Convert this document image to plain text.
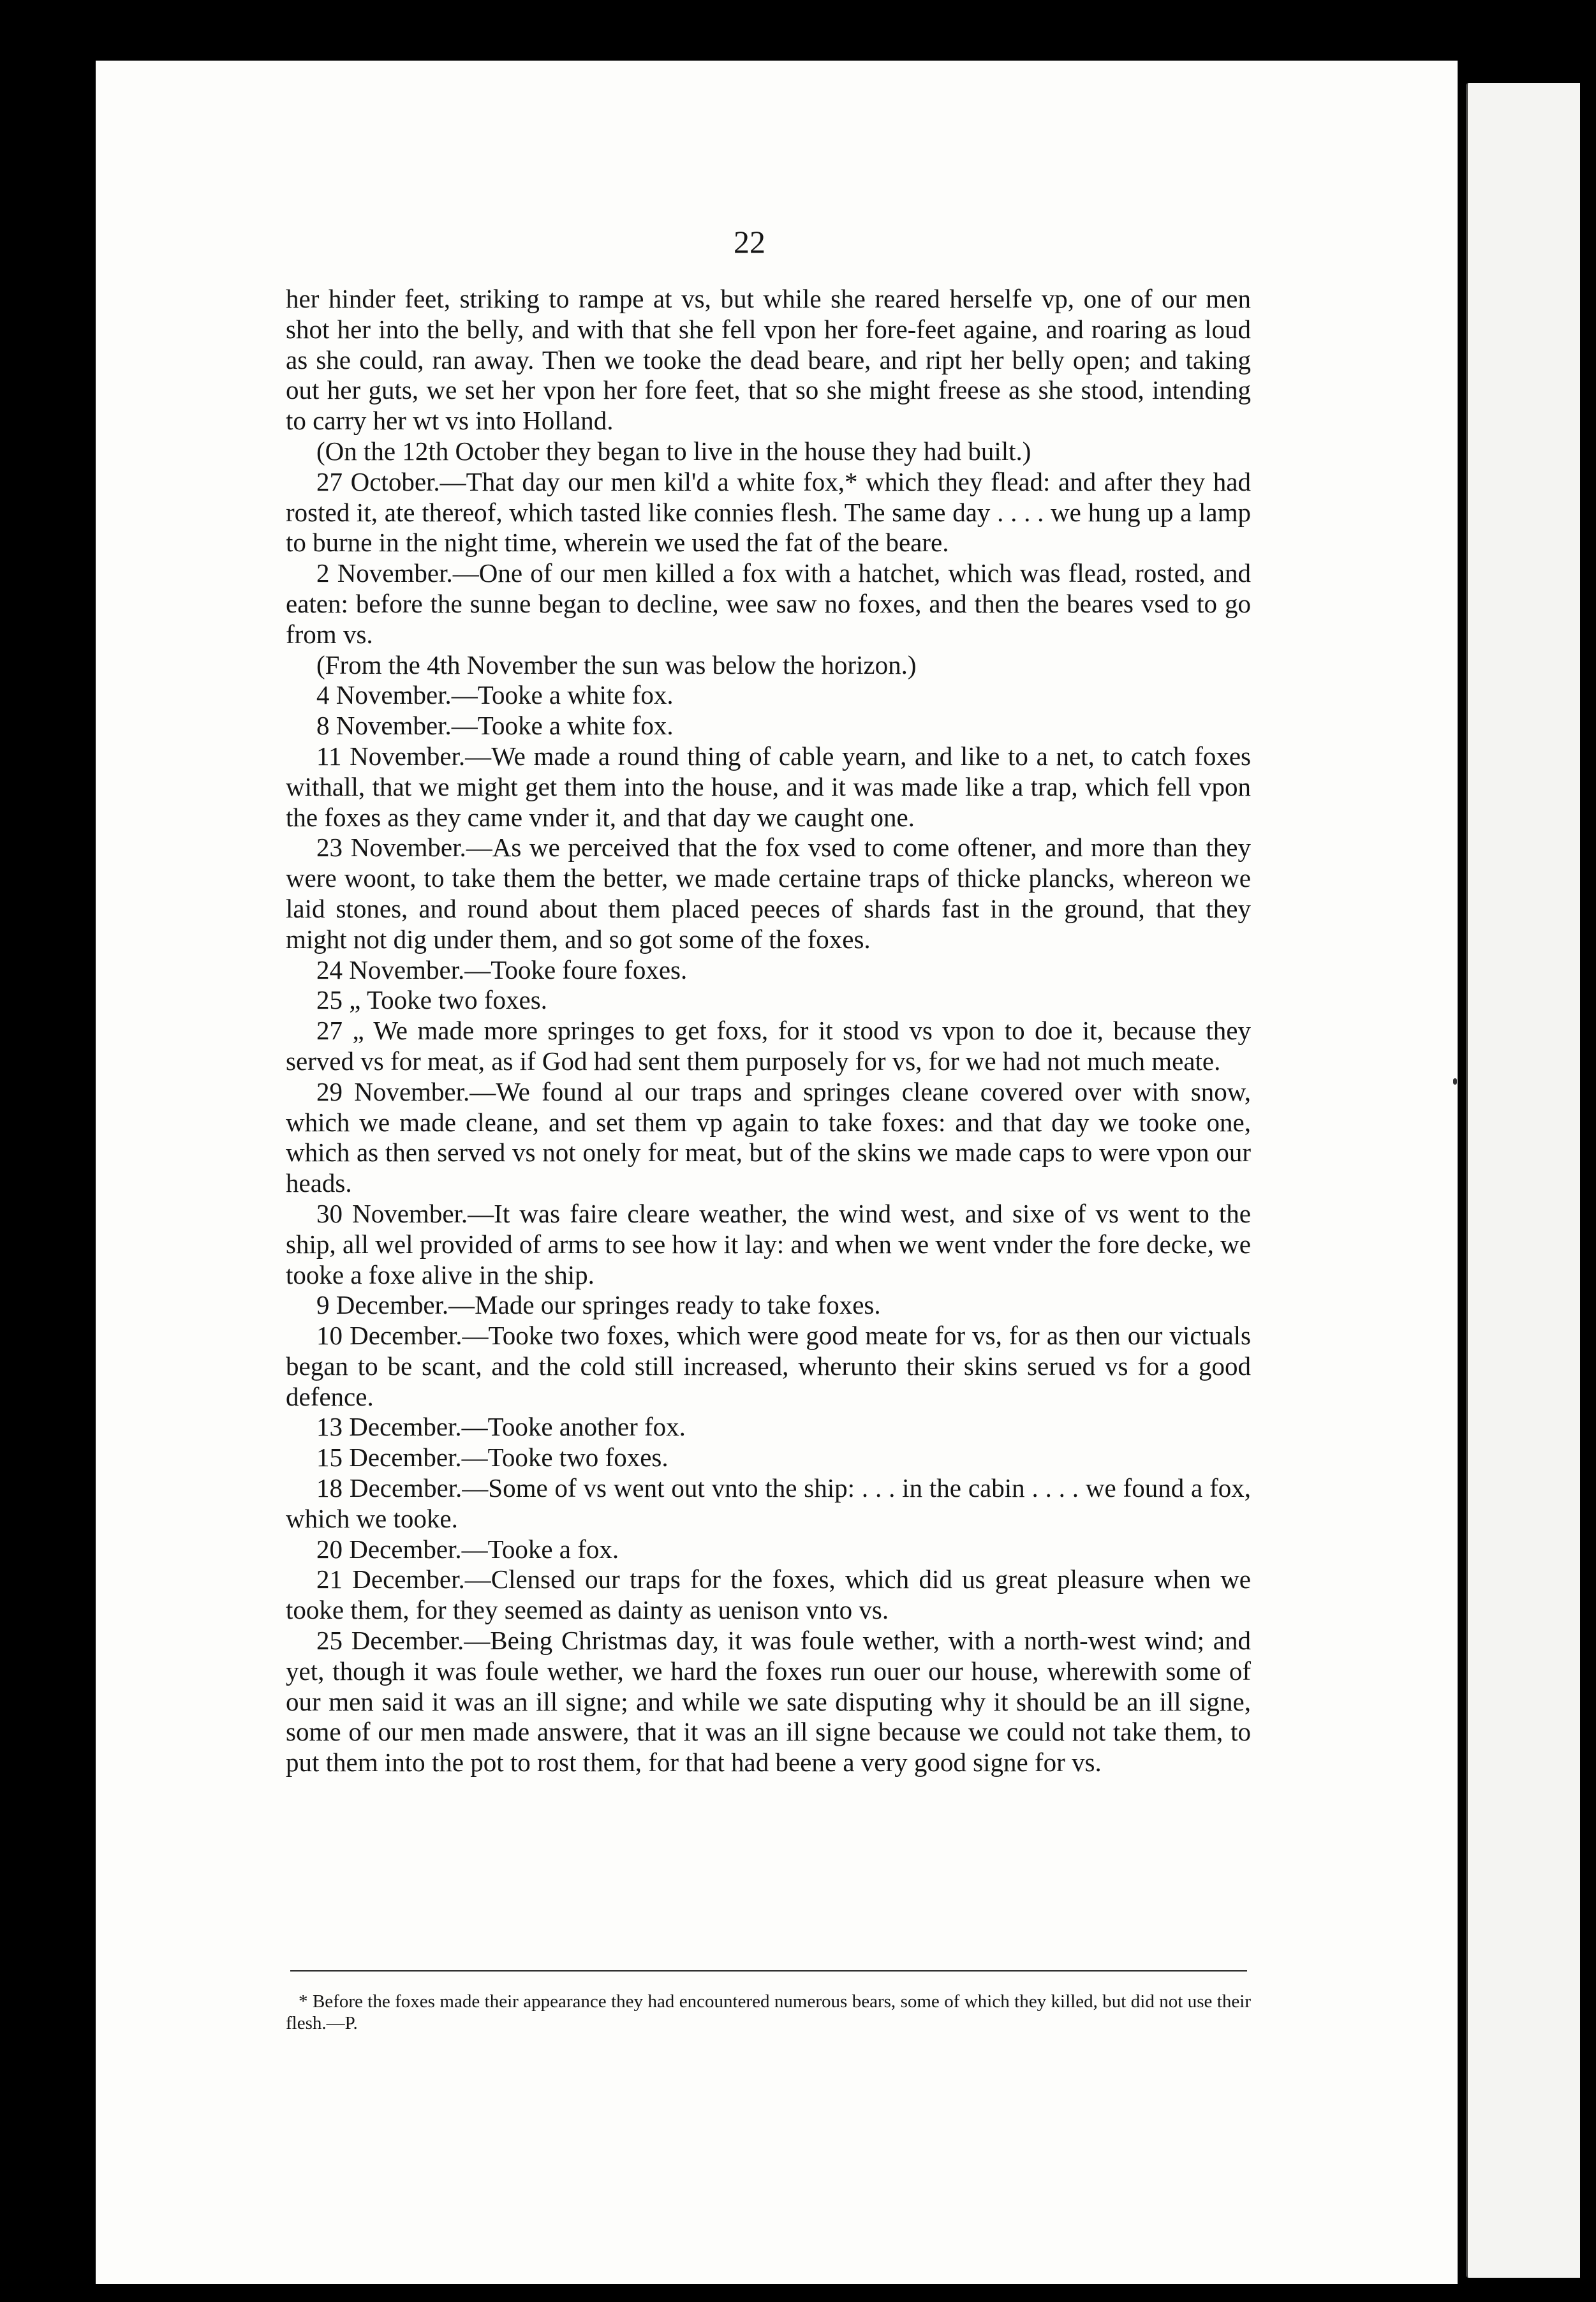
22

her hinder feet, striking to rampe at vs, but while she reared herselfe vp, one of our men shot her into the belly, and with that she fell vpon her fore-feet againe, and roaring as loud as she could, ran away. Then we tooke the dead beare, and ript her belly open; and taking out her guts, we set her vpon her fore feet, that so she might freese as she stood, intending to carry her wt vs into Holland.

(On the 12th October they began to live in the house they had built.)

27 October.—That day our men kil'd a white fox,* which they flead: and after they had rosted it, ate thereof, which tasted like connies flesh. The same day . . . . we hung up a lamp to burne in the night time, wherein we used the fat of the beare.

2 November.—One of our men killed a fox with a hatchet, which was flead, rosted, and eaten: before the sunne began to decline, wee saw no foxes, and then the beares vsed to go from vs.

(From the 4th November the sun was below the horizon.)

4 November.—Tooke a white fox.

8 November.—Tooke a white fox.

11 November.—We made a round thing of cable yearn, and like to a net, to catch foxes withall, that we might get them into the house, and it was made like a trap, which fell vpon the foxes as they came vnder it, and that day we caught one.

23 November.—As we perceived that the fox vsed to come oftener, and more than they were woont, to take them the better, we made certaine traps of thicke plancks, whereon we laid stones, and round about them placed peeces of shards fast in the ground, that they might not dig under them, and so got some of the foxes.

24 November.—Tooke foure foxes.

25 „ Tooke two foxes.

27 „ We made more springes to get foxs, for it stood vs vpon to doe it, because they served vs for meat, as if God had sent them purposely for vs, for we had not much meate.

29 November.—We found al our traps and springes cleane covered over with snow, which we made cleane, and set them vp again to take foxes: and that day we tooke one, which as then served vs not onely for meat, but of the skins we made caps to were vpon our heads.

30 November.—It was faire cleare weather, the wind west, and sixe of vs went to the ship, all wel provided of arms to see how it lay: and when we went vnder the fore decke, we tooke a foxe alive in the ship.

9 December.—Made our springes ready to take foxes.

10 December.—Tooke two foxes, which were good meate for vs, for as then our victuals began to be scant, and the cold still increased, wherunto their skins serued vs for a good defence.

13 December.—Tooke another fox.

15 December.—Tooke two foxes.

18 December.—Some of vs went out vnto the ship: . . . in the cabin . . . . we found a fox, which we tooke.

20 December.—Tooke a fox.

21 December.—Clensed our traps for the foxes, which did us great pleasure when we tooke them, for they seemed as dainty as uenison vnto vs.

25 December.—Being Christmas day, it was foule wether, with a north-west wind; and yet, though it was foule wether, we hard the foxes run ouer our house, wherewith some of our men said it was an ill signe; and while we sate disputing why it should be an ill signe, some of our men made answere, that it was an ill signe because we could not take them, to put them into the pot to rost them, for that had beene a very good signe for vs.

* Before the foxes made their appearance they had encountered numerous bears, some of which they killed, but did not use their flesh.—P.
